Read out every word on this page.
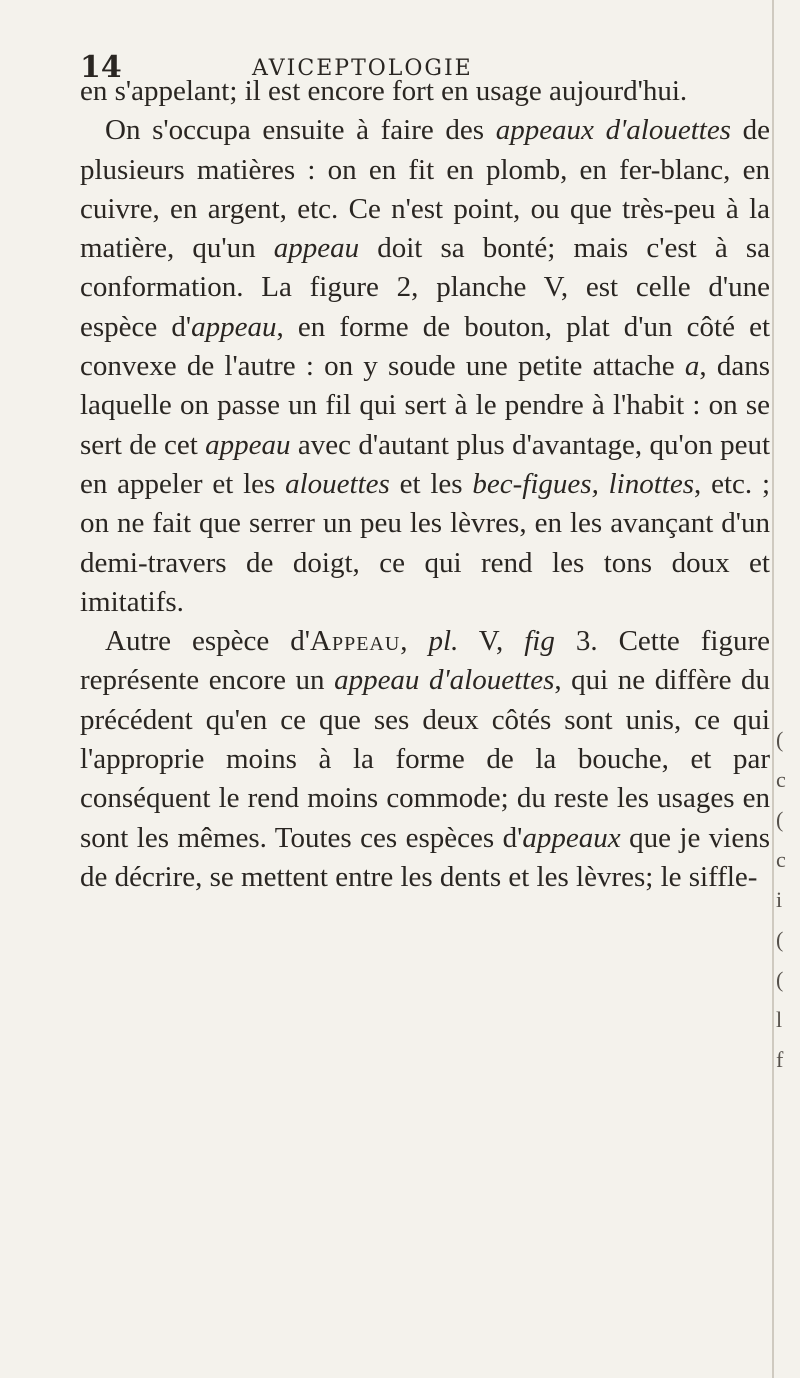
14	AVICEPTOLOGIE

en s'appelant; il est encore fort en usage aujourd'hui.

On s'occupa ensuite à faire des appeaux d'alouettes de plusieurs matières : on en fit en plomb, en fer-blanc, en cuivre, en argent, etc. Ce n'est point, ou que très-peu à la matière, qu'un appeau doit sa bonté; mais c'est à sa conformation. La figure 2, planche V, est celle d'une espèce d'appeau, en forme de bouton, plat d'un côté et convexe de l'autre : on y soude une petite attache a, dans laquelle on passe un fil qui sert à le pendre à l'habit : on se sert de cet appeau avec d'autant plus d'avantage, qu'on peut en appeler et les alouettes et les bec-figues, linottes, etc. ; on ne fait que serrer un peu les lèvres, en les avançant d'un demi-travers de doigt, ce qui rend les tons doux et imitatifs.

Autre espèce d'Appeau, pl. V, fig 3. Cette figure représente encore un appeau d'alouettes, qui ne diffère du précédent qu'en ce que ses deux côtés sont unis, ce qui l'approprie moins à la forme de la bouche, et par conséquent le rend moins commode; du reste les usages en sont les mêmes. Toutes ces espèces d'appeaux que je viens de décrire, se mettent entre les dents et les lèvres; le siffle-

(
c
(
c
i
(
(
l
f
